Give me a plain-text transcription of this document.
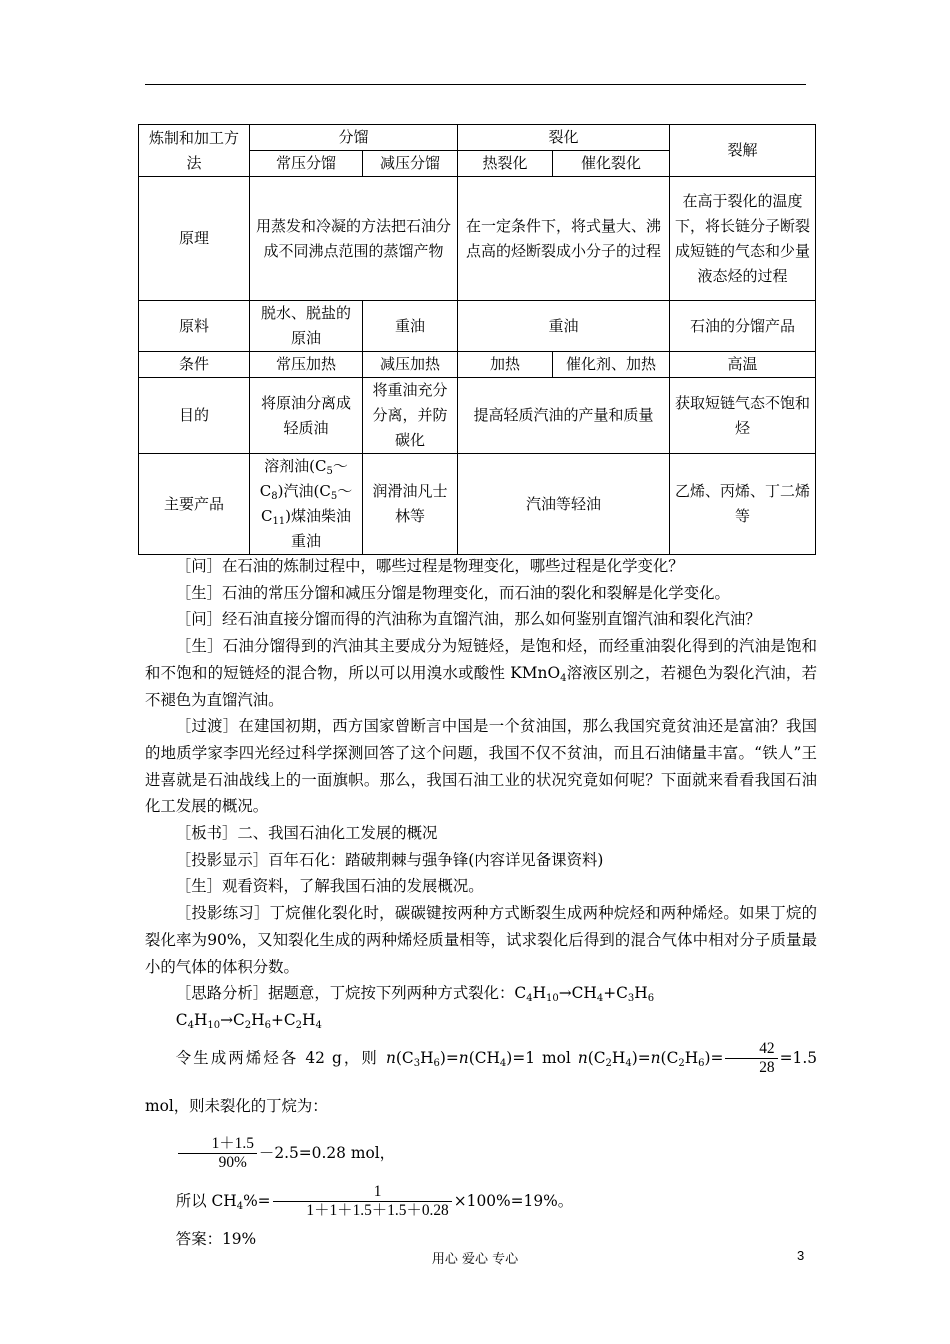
炼制和加工方法	分馏		裂化		裂解
	常压分馏	减压分馏	热裂化	催化裂化	
原理	用蒸发和冷凝的方法把石油分成不同沸点范围的蒸馏产物		在一定条件下，将式量大、沸点高的烃断裂成小分子的过程		在高于裂化的温度下，将长链分子断裂成短链的气态和少量液态烃的过程
原料	脱水、脱盐的原油	重油	重油		石油的分馏产品
条件	常压加热	减压加热	加热	催化剂、加热	高温
目的	将原油分离成轻质油	将重油充分分离，并防碳化	提高轻质汽油的产量和质量		获取短链气态不饱和烃
主要产品	溶剂油$(C_5\sim C_8)$汽油$(C_5\sim C_{11})$煤油柴油重油	润滑油凡士林等	汽油等轻油		乙烯、丙烯、丁二烯等

［问］在石油的炼制过程中，哪些过程是物理变化，哪些过程是化学变化？

［生］石油的常压分馏和减压分馏是物理变化，而石油的裂化和裂解是化学变化。

［问］经石油直接分馏而得的汽油称为直馏汽油，那么如何鉴别直馏汽油和裂化汽油？

［生］石油分馏得到的汽油其主要成分为短链烃，是饱和烃，而经重油裂化得到的汽油是饱和和不饱和的短链烃的混合物，所以可以用溴水或酸性 KMnO$_4$溶液区别之，若褪色为裂化汽油，若不褪色为直馏汽油。

［过渡］在建国初期，西方国家曾断言中国是一个贫油国，那么我国究竟贫油还是富油？我国的地质学家李四光经过科学探测回答了这个问题，我国不仅不贫油，而且石油储量丰富。“铁人”王进喜就是石油战线上的一面旗帜。那么，我国石油工业的状况究竟如何呢？下面就来看看我国石油化工发展的概况。

［板书］二、我国石油化工发展的概况

［投影显示］百年石化：踏破荆棘与强争锋(内容详见备课资料)

［生］观看资料，了解我国石油的发展概况。

［投影练习］丁烷催化裂化时，碳碳键按两种方式断裂生成两种烷烃和两种烯烃。如果丁烷的裂化率为90%，又知裂化生成的两种烯烃质量相等，试求裂化后得到的混合气体中相对分子质量最小的气体的体积分数。

［思路分析］据题意，丁烷按下列两种方式裂化：$C_4H_{10}\to CH_4+C_3H_6$

$C_4H_{10}\to C_2H_6+C_2H_4$

令生成两烯烃各 42 g，则 $n(C_3H_6)=n(CH_4)=1$ mol $n(C_2H_4)=n(C_2H_6)= \frac{42}{28} =1.5$ mol，则未裂化的丁烷为：

$\frac{1+1.5}{90\%} -2.5=0.28$ mol，

所以 $CH_4\%= \frac{1}{1+1+1.5+1.5+0.28} \times 100\%=19\%$。

答案：19%

用心 爱心 专心	3
